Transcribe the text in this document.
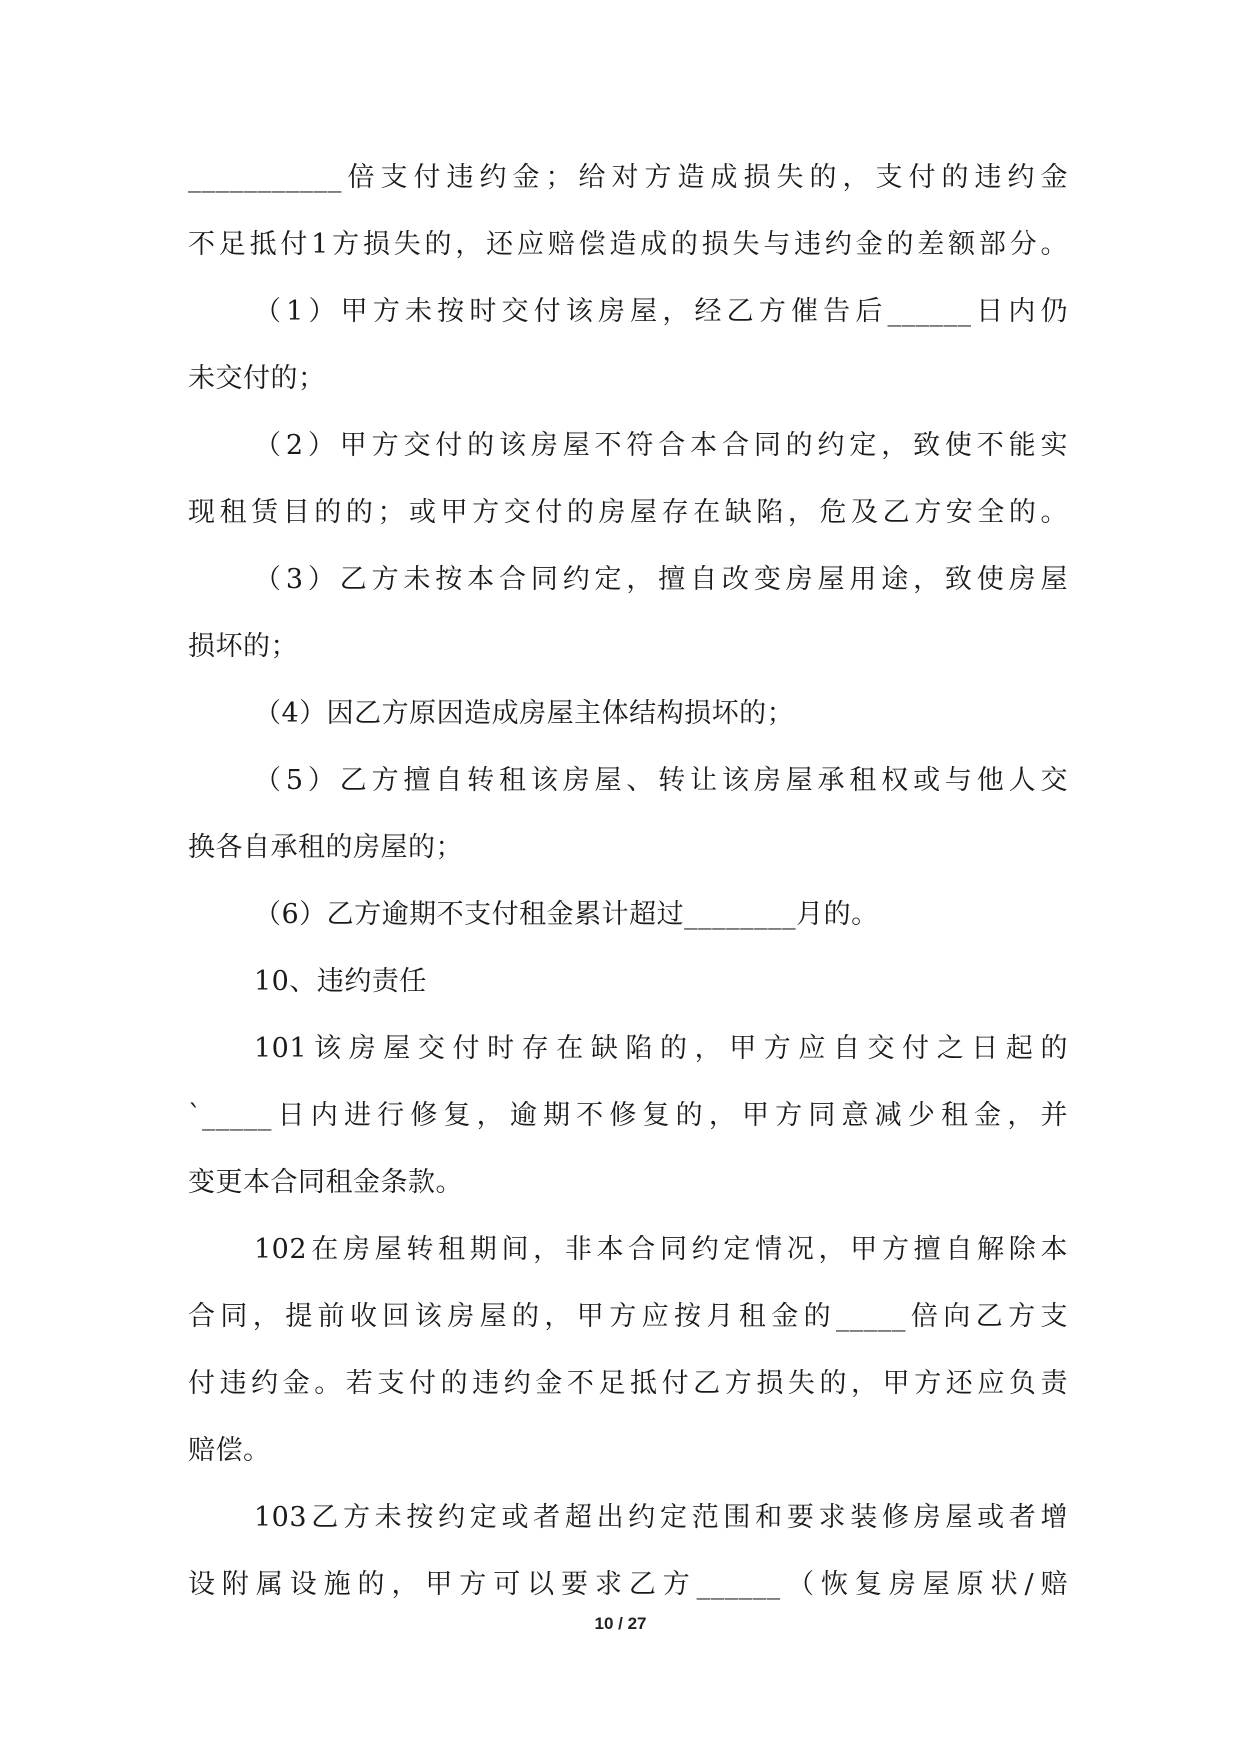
___________倍支付违约金；给对方造成损失的，支付的违约金

不足抵付1方损失的，还应赔偿造成的损失与违约金的差额部分。

（1）甲方未按时交付该房屋，经乙方催告后______日内仍

未交付的；

（2）甲方交付的该房屋不符合本合同的约定，致使不能实

现租赁目的的；或甲方交付的房屋存在缺陷，危及乙方安全的。

（3）乙方未按本合同约定，擅自改变房屋用途，致使房屋

损坏的；

（4）因乙方原因造成房屋主体结构损坏的；

（5）乙方擅自转租该房屋、转让该房屋承租权或与他人交

换各自承租的房屋的；

（6）乙方逾期不支付租金累计超过________月的。

10、违约责任

101该房屋交付时存在缺陷的，甲方应自交付之日起的

`_____日内进行修复，逾期不修复的，甲方同意减少租金，并

变更本合同租金条款。

102在房屋转租期间，非本合同约定情况，甲方擅自解除本

合同，提前收回该房屋的，甲方应按月租金的_____倍向乙方支

付违约金。若支付的违约金不足抵付乙方损失的，甲方还应负责

赔偿。

103乙方未按约定或者超出约定范围和要求装修房屋或者增

设附属设施的，甲方可以要求乙方______（恢复房屋原状/赔

10 / 27
